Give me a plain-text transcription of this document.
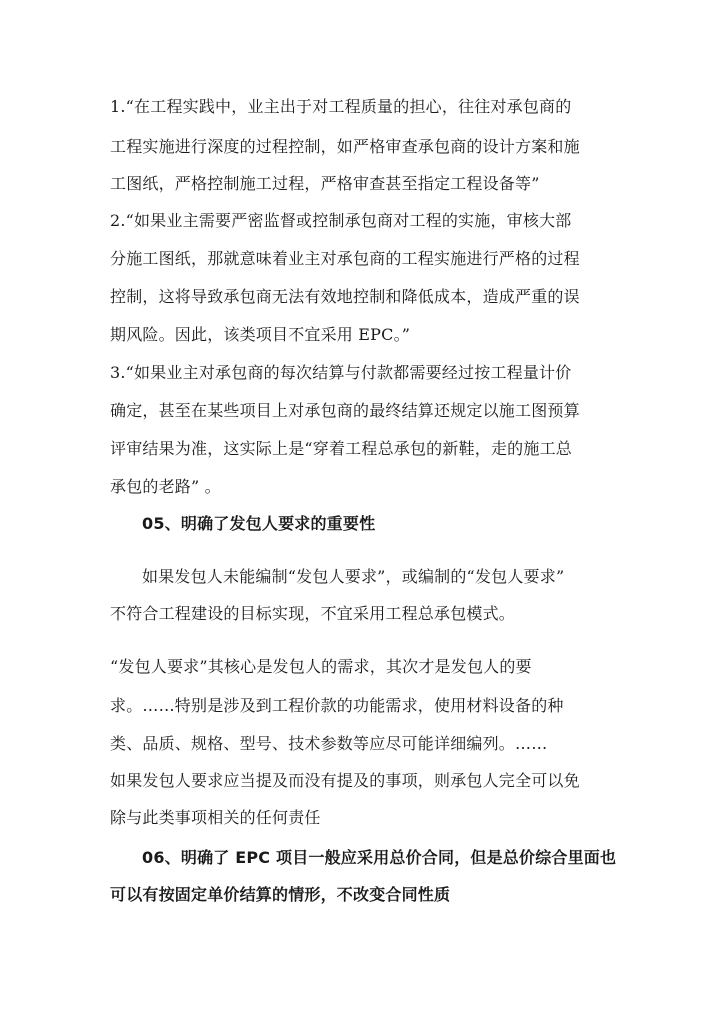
1.“在工程实践中，业主出于对工程质量的担心，往往对承包商的

工程实施进行深度的过程控制，如严格审查承包商的设计方案和施

工图纸，严格控制施工过程，严格审查甚至指定工程设备等”

2.“如果业主需要严密监督或控制承包商对工程的实施，审核大部

分施工图纸，那就意味着业主对承包商的工程实施进行严格的过程

控制，这将导致承包商无法有效地控制和降低成本，造成严重的误

期风险。因此，该类项目不宜采用 EPC。”

3.“如果业主对承包商的每次结算与付款都需要经过按工程量计价

确定，甚至在某些项目上对承包商的最终结算还规定以施工图预算

评审结果为准，这实际上是“穿着工程总承包的新鞋，走的施工总

承包的老路” 。

05、明确了发包人要求的重要性

如果发包人未能编制“发包人要求”，或编制的“发包人要求”

不符合工程建设的目标实现，不宜采用工程总承包模式。

“发包人要求”其核心是发包人的需求，其次才是发包人的要

求。……特别是涉及到工程价款的功能需求，使用材料设备的种

类、品质、规格、型号、技术参数等应尽可能详细编列。……

如果发包人要求应当提及而没有提及的事项，则承包人完全可以免

除与此类事项相关的任何责任

06、明确了 EPC 项目一般应采用总价合同，但是总价综合里面也

可以有按固定单价结算的情形，不改变合同性质
